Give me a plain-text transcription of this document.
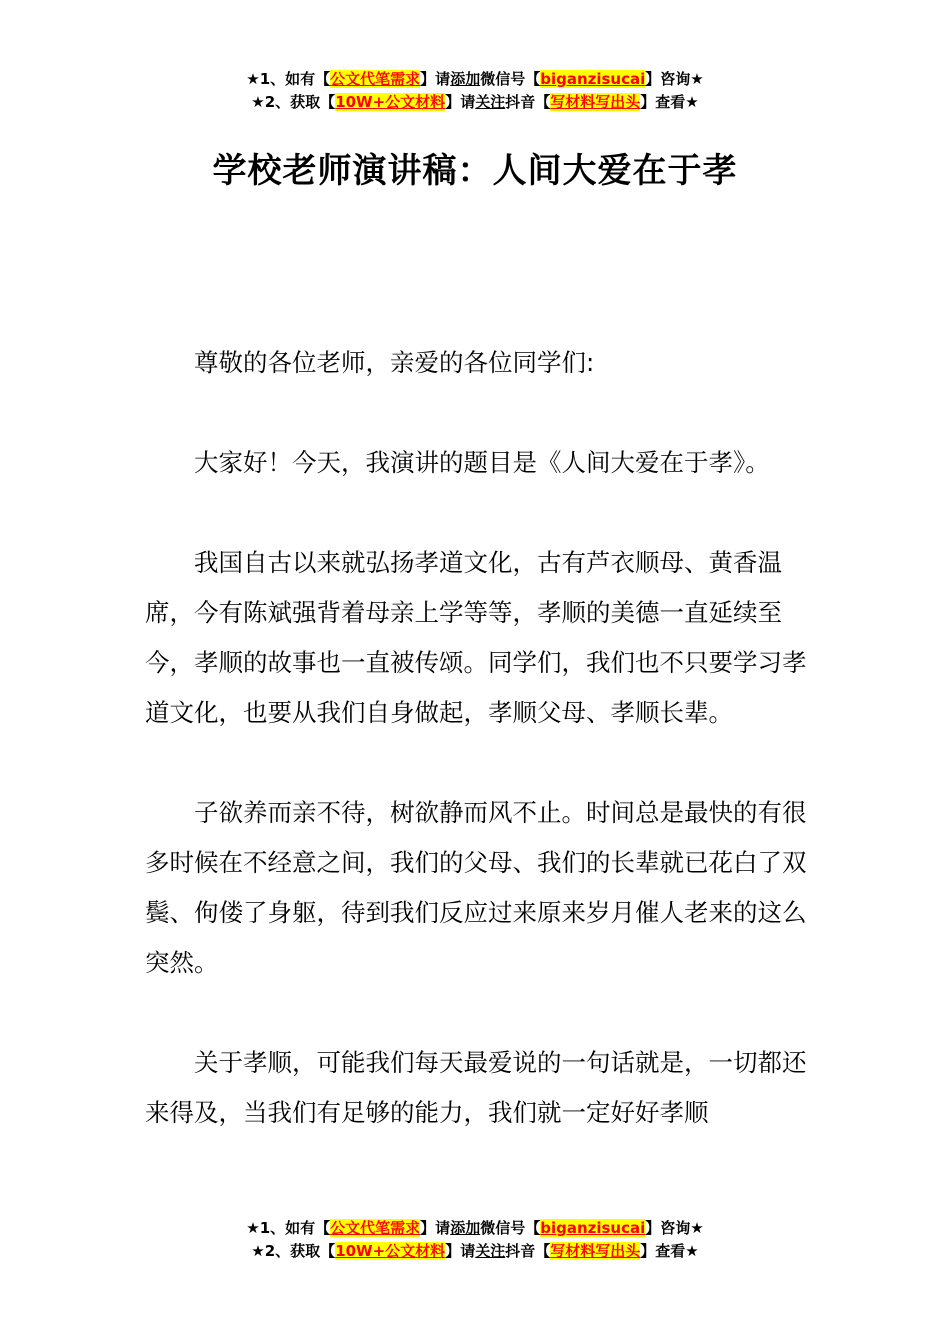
★1、如有【公文代笔需求】请添加微信号【biganzisucai】咨询★
★2、获取【10W+公文材料】请关注抖音【写材料写出头】查看★
学校老师演讲稿：人间大爱在于孝

尊敬的各位老师，亲爱的各位同学们:

大家好！今天，我演讲的题目是《人间大爱在于孝》。

我国自古以来就弘扬孝道文化，古有芦衣顺母、黄香温席，今有陈斌强背着母亲上学等等，孝顺的美德一直延续至今，孝顺的故事也一直被传颂。同学们，我们也不只要学习孝道文化，也要从我们自身做起，孝顺父母、孝顺长辈。

子欲养而亲不待，树欲静而风不止。时间总是最快的有很多时候在不经意之间，我们的父母、我们的长辈就已花白了双鬓、佝偻了身躯，待到我们反应过来原来岁月催人老来的这么突然。

关于孝顺，可能我们每天最爱说的一句话就是，一切都还来得及，当我们有足够的能力，我们就一定好好孝顺

★1、如有【公文代笔需求】请添加微信号【biganzisucai】咨询★
★2、获取【10W+公文材料】请关注抖音【写材料写出头】查看★
